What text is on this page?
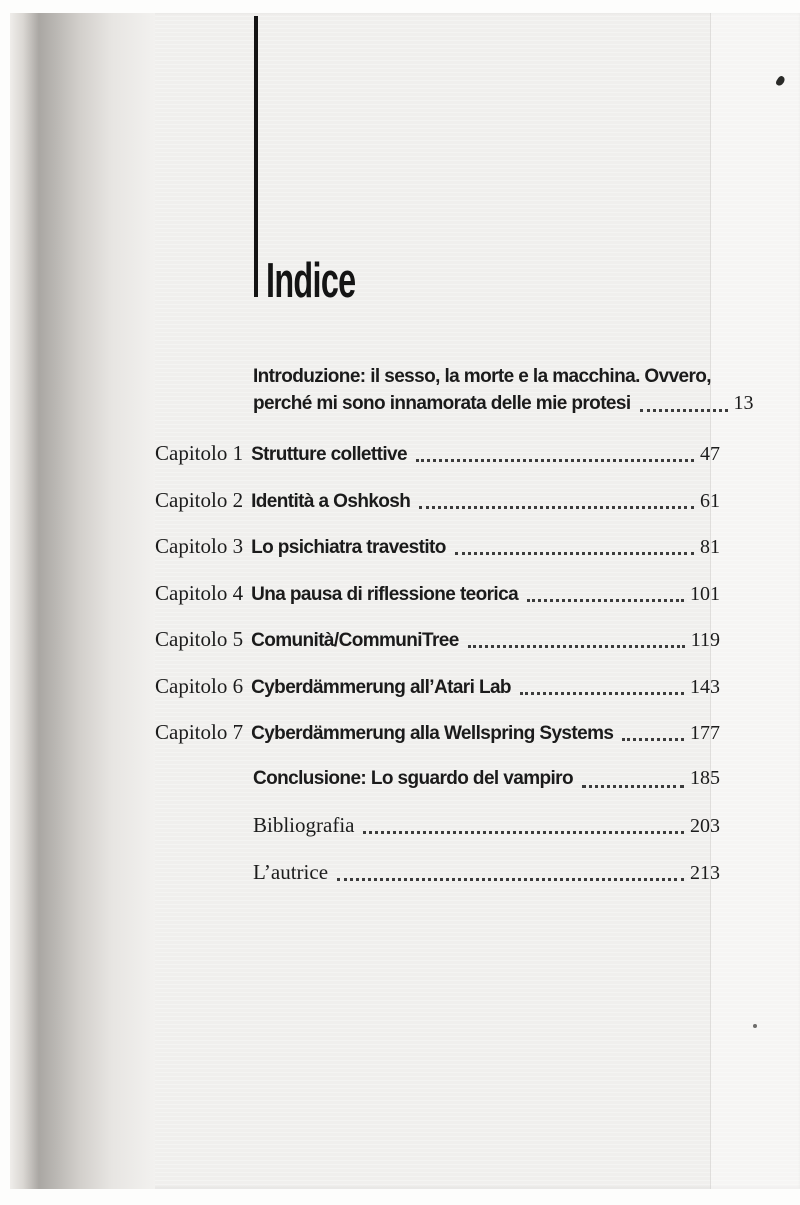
Indice
Introduzione: il sesso, la morte e la macchina. Ovvero,
perché mi sono innamorata delle mie protesi	13
Capitolo 1 Strutture collettive	47
Capitolo 2 Identità a Oshkosh	61
Capitolo 3 Lo psichiatra travestito	81
Capitolo 4 Una pausa di riflessione teorica	101
Capitolo 5 Comunità/CommuniTree	119
Capitolo 6 Cyberdämmerung all’Atari Lab	143
Capitolo 7 Cyberdämmerung alla Wellspring Systems	177
Conclusione: Lo sguardo del vampiro	185
Bibliografia	203
L’autrice	213
